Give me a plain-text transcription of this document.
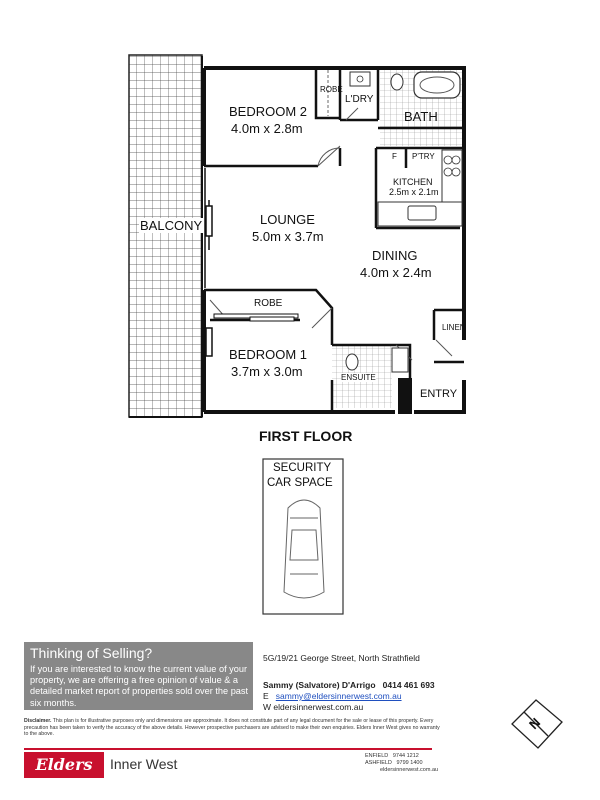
BEDROOM 2
4.0m x 2.8m
ROBE
L'DRY
BATH
F P'TRY
KITCHEN
2.5m x 2.1m
BALCONY	LOUNGE
5.0m x 3.7m
DINING
4.0m x 2.4m
ROBE
LINEN
BEDROOM 1
3.7m x 3.0m	ENSUITE
ENTRY
FIRST FLOOR
SECURITY
CAR SPACE
Thinking of Selling?
If you are interested to know the current value of your property, we are offering a free opinion of value & a detailed market report of properties sold over the past six months.
5G/19/21 George Street, North Strathfield
Sammy (Salvatore) D'Arrigo 0414 461 693
E sammy@eldersinnerwest.com.au
W eldersinnerwest.com.au
Disclaimer. This plan is for illustrative purposes only and dimensions are approximate. It does not constitute part of any legal document for the sale or lease of this property. Every precaution has been taken to verify the accuracy of the above details. However prospective purchasers are advised to make their own enquiries. Elders Inner West gives no warranty to the above.
Elders	Inner West	ENFIELD 9744 1212
ASHFIELD 9799 1400
eldersinnerwest.com.au
N
